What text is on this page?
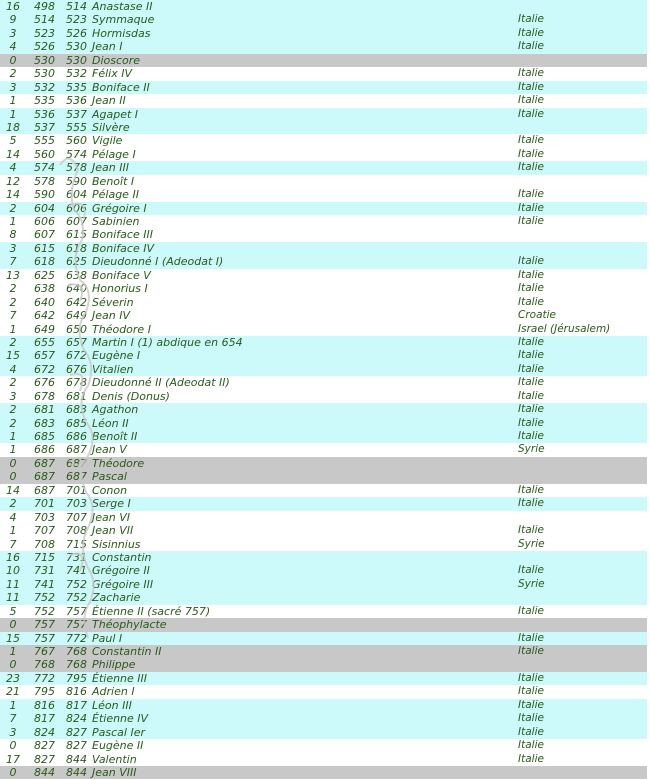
16	498 514 Anastase II
9	514 523 Symmaque	Italie
3	523 526 Hormisdas	Italie
4	526 530 Jean I	Italie
0	530 530 Dioscore
2	530 532 Félix IV	Italie
3	532 535 Boniface II	Italie
1	535 536 Jean II	Italie
1	536 537 Agapet I	Italie
18	537 555 Silvère
5	555 560 Vigile	Italie
14	560 574 Pélage I	Italie
4	574 578 Jean III	Italie
12	578 590 Benoît I
14	590 604 Pélage II	Italie
2	604 606 Grégoire I	Italie
1	606 607 Sabinien	Italie
8	607 615 Boniface III
3	615 618 Boniface IV
7	618 625 Dieudonné I (Adeodat I)	Italie
13	625 638 Boniface V	Italie
2	638 640 Honorius I	Italie
2	640 642 Séverin	Italie
7	642 649 Jean IV	Croatie
1	649 650 Théodore I	Israel (Jérusalem)
2	655 657 Martin I (1) abdique en 654	Italie
15	657 672 Eugène I	Italie
4	672 676 Vitalien	Italie
2	676 678 Dieudonné II (Adeodat II)	Italie
3	678 681 Denis (Donus)	Italie
2	681 683 Agathon	Italie
2	683 685 Léon II	Italie
1	685 686 Benoît II	Italie
1	686 687 Jean V	Syrie
0	687 687 Théodore
0	687 687 Pascal
14	687 701 Conon	Italie
2	701 703 Serge I	Italie
4	703 707 Jean VI
1	707 708 Jean VII	Italie
7	708 715 Sisinnius	Syrie
16	715 731 Constantin
10	731 741 Grégoire II	Italie
11	741 752 Grégoire III	Syrie
11	752 752 Zacharie
5	752 757 Étienne II (sacré 757)	Italie
0	757 757 Théophylacte
15	757 772 Paul I	Italie
1	767 768 Constantin II	Italie
0	768 768 Philippe
23	772 795 Étienne III	Italie
21	795 816 Adrien I	Italie
1	816 817 Léon III	Italie
7	817 824 Étienne IV	Italie
3	824 827 Pascal Ier	Italie
0	827 827 Eugène II	Italie
17	827 844 Valentin	Italie
0	844 844 Jean VIII
